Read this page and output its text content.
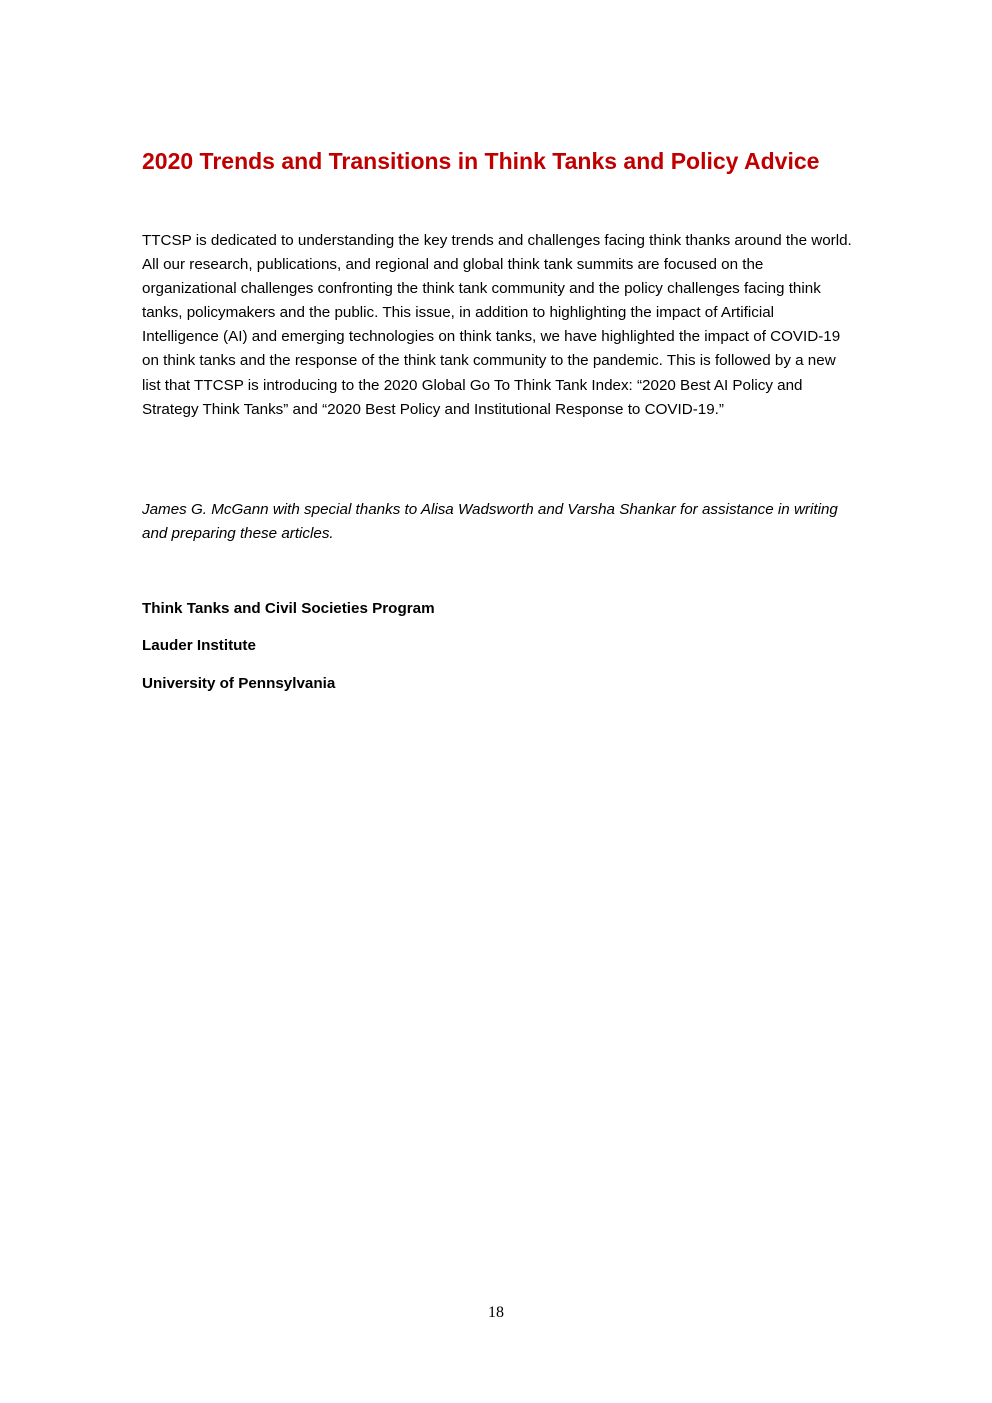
2020 Trends and Transitions in Think Tanks and Policy Advice

TTCSP is dedicated to understanding the key trends and challenges facing think thanks around the world. All our research, publications, and regional and global think tank summits are focused on the organizational challenges confronting the think tank community and the policy challenges facing think tanks, policymakers and the public. This issue, in addition to highlighting the impact of Artificial Intelligence (AI) and emerging technologies on think tanks, we have highlighted the impact of COVID-19 on think tanks and the response of the think tank community to the pandemic. This is followed by a new list that TTCSP is introducing to the 2020 Global Go To Think Tank Index: “2020 Best AI Policy and Strategy Think Tanks” and “2020 Best Policy and Institutional Response to COVID-19.”

James G. McGann with special thanks to Alisa Wadsworth and Varsha Shankar for assistance in writing and preparing these articles.

Think Tanks and Civil Societies Program

Lauder Institute

University of Pennsylvania

18
